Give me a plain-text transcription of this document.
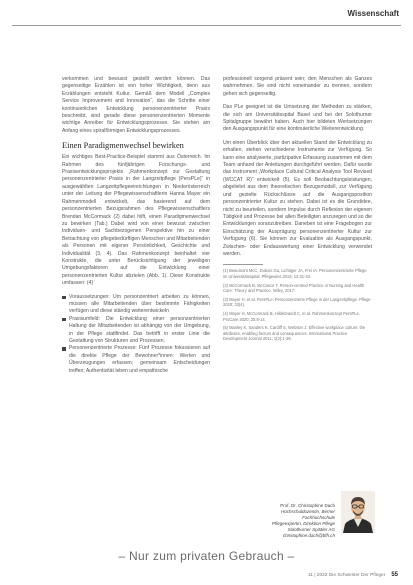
Wissenschaft

verkommen und bewusst gestellt werden können. Das gegenseitige Erzählen ist von hoher Wichtigkeit, denn aus Erzählungen entsteht Kultur. Gemäß dem Modell „Complex Service Improvement and Innovation“, das die Schritte einer kontinuierlichen Entwicklung personenzentrierter Praxis beschreibt, sind gerade diese personenzentrierten Momente wichtige Anreiber für Entwicklungsprozesse. Sie stehen am Anfang eines spiralförmigen Entwicklungsprozesses.

Einen Paradigmenwechsel bewirken

Ein wichtiges Best-Practice-Beispiel stammt aus Österreich. Im Rahmen des fünfjährigen Forschungs- und Praxisentwicklungsprojekts „Rahmenkonzept zur Gestaltung personenzentrierter Praxis in der Langzeitpflege (PersPLe)“ in ausgewählten Langzeitpflegeeinrichtungen in Niederösterreich unter der Leitung der Pflegewissenschaftlerin Hanna Mayer ein Rahmenmodell entwickelt, das basierend auf dem personzentrierten Bezugsrahmen des Pflegewissenschaftlers Brendan McCormack (2) dabei hilft, einen Paradigmenwechsel zu bewirken (Tab.) Dabei wird von einer bewusst zwischen Individuen- und Sachbezogenen Perspektive hin zu einer Betrachtung von pflegebedürftigen Menschen und Mitarbeitenden als Personen mit eigener Persönlichkeit, Geschichte und Individualität (3, 4). Das Rahmenkonzept beinhaltet vier Konstrukte, die unter Berücksichtigung der jeweiligen Umgebungsfaktoren auf die Entwicklung einer personenzentrierten Kultur abzielen (Abb. 1). Diese Konstrukte umfassen: (4)

Voraussetzungen: Um personzentriert arbeiten zu können, müssen alle Mitarbeitenden über bestimmte Fähigkeiten verfügen und diese ständig weiterentwickeln
Praxisumfeld: Die Entwicklung einer personzentrierten Haltung der Mitarbeitenden ist abhängig von der Umgebung, in der Pflege stattfindet. Das betrifft in erster Linie die Gestaltung von Strukturen und Prozessen.
Personenzentrierte Prozesse: Fünf Prozesse fokussieren auf die direkte Pflege der Bewohner*innen: Werten und Überzeugungen erfassen; gemeinsam Entscheidungen treffen; Authentizität leben und empathische

professionell sorgend präsent sein; den Menschen als Ganzes wahrnehmen. Sie sind nicht voneinander zu trennen, sondern gehen sich gegenseitig.

Das PLe geeignet ist die Umsetzung der Methoden zu stärken, die sich am Universitätsspital Basel und bei der Solothurner Spitalgruppe bewährt haben. Auch hier bildeten Wertsetzungen den Ausgangspunkt für eine kontinuierliche Weiterentwicklung.

Um einen Überblick über den aktuellen Stand der Entwicklung zu erhalten, stehen verschiedene Instrumente zur Verfügung. So kann eine analysierte, partizipative Erfassung zusammen mit dem Team anhand der Anleitungen durchgeführt werden. Dafür wurde das Instrument „Workplace Cultural Critical Analysis Tool Revised (WCCAT R)“ entwickelt (5). Es soll Beobachtungsleistungen, abgeleitet aus dem theoretischen Bezugsmodell, zur Verfügung und gezielte Rückschlüsse auf die Ausgangsposition personzentrierter Kultur zu stehen. Dabei ist es die Grundidee, nicht zu beurteilen, sondern Impulse durch Reflexion der eigenen Tätigkeit und Prozesse bei allen Beteiligten anzuregen und so die Entwicklungen voranzutreiben. Daneben ist eine Fragebogen zur Einschätzung der Ausprägung personenzentrierter Kultur zur Verfügung (6). Sie können zur Evaluation als Ausgangspunkt, Zwischen- oder Endauswertung einer Entwicklung verwendet werden.

(1) Beaumont McC, Dubois Ga, Lichtiger JA, Frei IA. Personenzentrierte Pflege im Universitätsspital. Pflegewiss 2019; 12:31-34.
(2) McCormack B, McCance T. Person-centred Practice in Nursing and Health Care: Theory and Practice. Wiley, 2017.
(3) Mayer H, et al. PersPLe: Personzentrierte Pflege in der Langzeitpflege. Pflege 2020; 33(4).
(4) Mayer H, McCormack B, Hildebrandt C, et al. Rahmenkonzept PersPLe. ProCare 2020; 25:8-14.
(5) Manley K, Sanders K, Cardiff S, Webster J. Effective workplace culture: the attributes, enabling factors and consequences. International Practice Development Journal 2011; 1(2):1-29.
Prof. Dr. Christophine Dach
Hochschuldozentin, Berner Fachhochschule
Pflegeexpertin, Direktion Pflege
Solothurner Spitäler AG
christophine.dach@bfh.ch
– Nur zum privaten Gebrauch –
11 | 2022 Die Schwester Der Pfleger 55
